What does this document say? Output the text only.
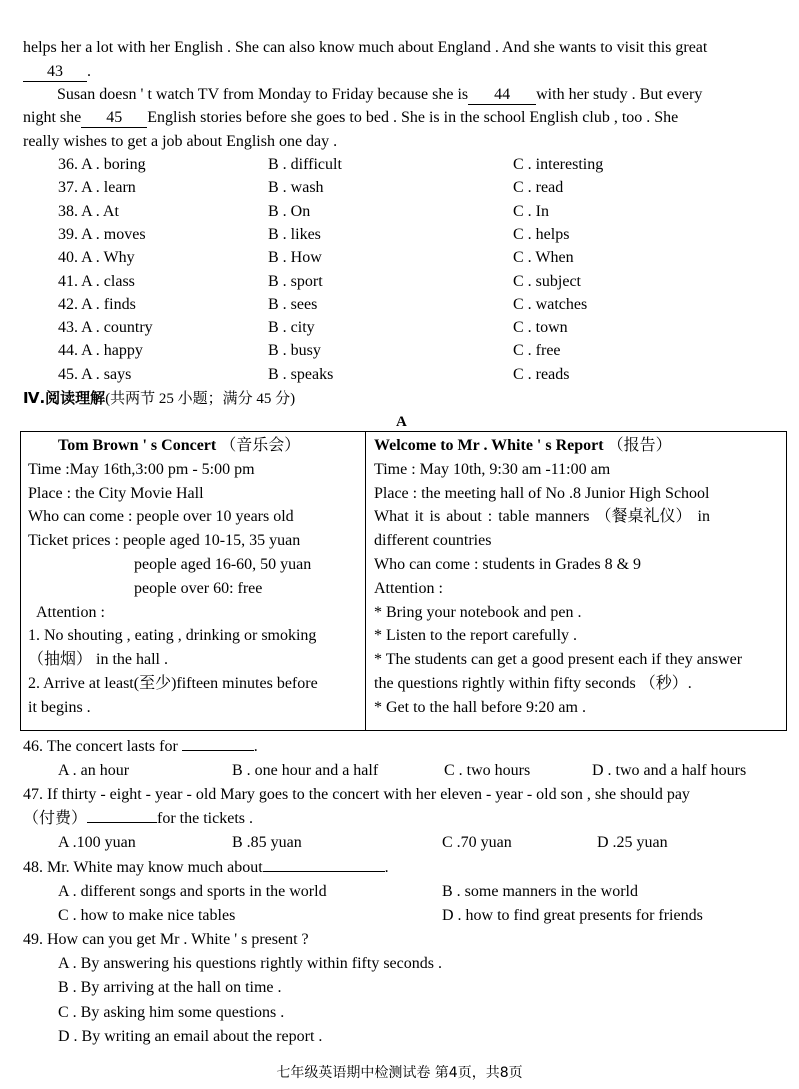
helps her a lot with her English . She can also know much about England . And she wants to visit this great
43 .
Susan doesn ' t watch TV from Monday to Friday because she is 44 with her study . But every
night she 45 English stories before she goes to bed . She is in the school English club , too . She
really wishes to get a job about English one day .
36. A . boring	B . difficult	C . interesting
37. A . learn	B . wash	C . read
38. A . At	B . On	C . In
39. A . moves	B . likes	C . helps
40. A . Why	B . How	C . When
41. A . class	B . sport	C . subject
42. A . finds	B . sees	C . watches
43. A . country	B . city	C . town
44. A . happy	B . busy	C . free
45. A . says	B . speaks	C . reads
Ⅳ.阅读理解(共两节 25 小题；满分 45 分)
A
Tom Brown ' s Concert （音乐会）
Time :May 16th,3:00 pm - 5:00 pm
Place : the City Movie Hall
Who can come : people over 10 years old
Ticket prices : people aged 10-15, 35 yuan
people aged 16-60, 50 yuan
people over 60: free
Attention :
1. No shouting , eating , drinking or smoking
（抽烟） in the hall .
2. Arrive at least(至少)fifteen minutes before
it begins .
Welcome to Mr . White ' s Report （报告）
Time : May 10th, 9:30 am -11:00 am
Place : the meeting hall of No .8 Junior High School
What it is about : table manners （餐桌礼仪） in
different countries
Who can come : students in Grades 8 & 9
Attention :
* Bring your notebook and pen .
* Listen to the report carefully .
* The students can get a good present each if they answer
the questions rightly within fifty seconds （秒）.
* Get to the hall before 9:20 am .
46. The concert lasts for	.
A . an hour	B . one hour and a half	C . two hours	D . two and a half hours
47. If thirty - eight - year - old Mary goes to the concert with her eleven - year - old son , she should pay
（付费）	for the tickets .
A .100 yuan	B .85 yuan	C .70 yuan	D .25 yuan
48. Mr. White may know much about	.
A . different songs and sports in the world	B . some manners in the world
C . how to make nice tables	D . how to find great presents for friends
49. How can you get Mr . White ' s present ?
A . By answering his questions rightly within fifty seconds .
B . By arriving at the hall on time .
C . By asking him some questions .
D . By writing an email about the report .
七年级英语期中检测试卷 第4页，共8页
